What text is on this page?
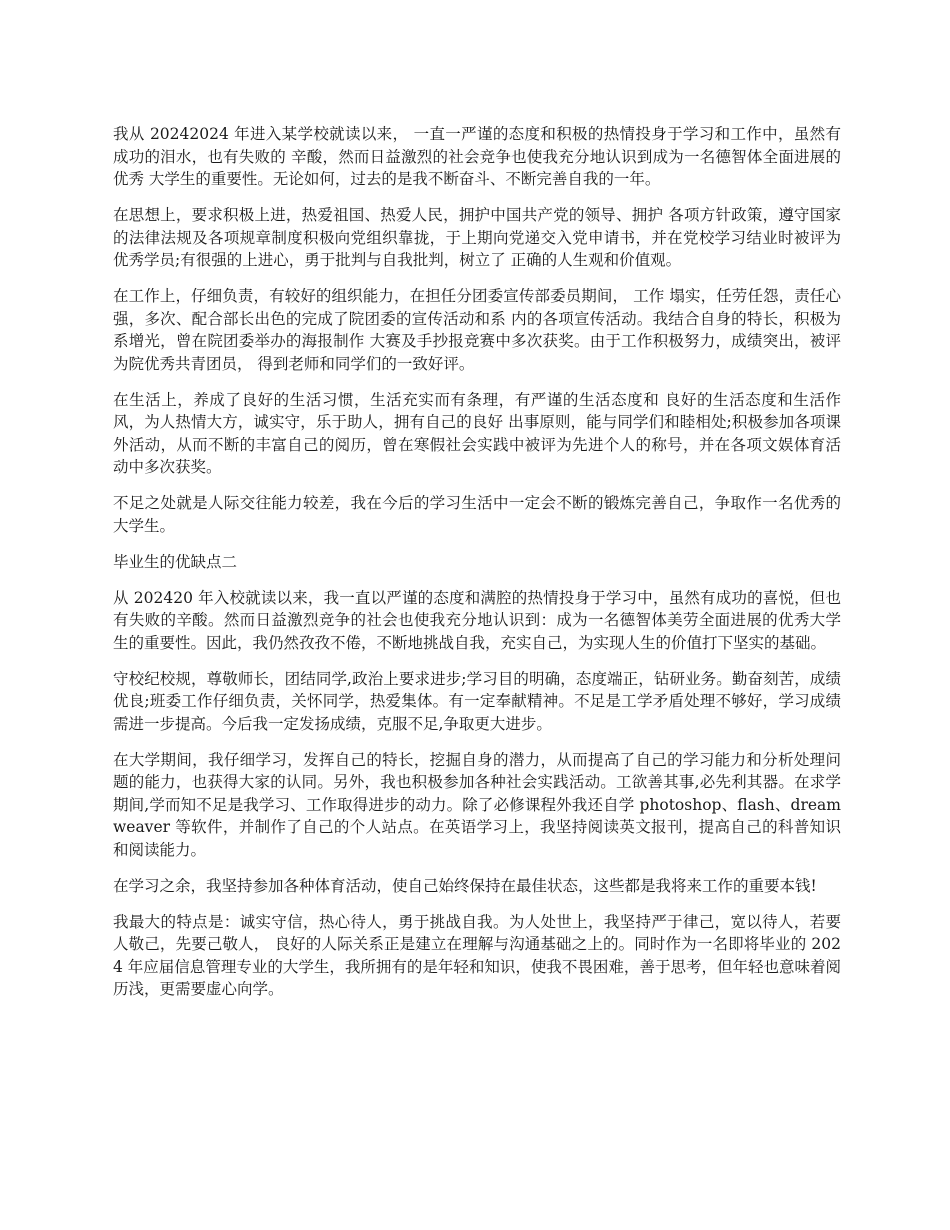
我从 20242024 年进入某学校就读以来， 一直一严谨的态度和积极的热情投身于学习和工作中，虽然有成功的泪水，也有失败的 辛酸，然而日益激烈的社会竞争也使我充分地认识到成为一名德智体全面进展的优秀 大学生的重要性。无论如何，过去的是我不断奋斗、不断完善自我的一年。

在思想上，要求积极上进，热爱祖国、热爱人民，拥护中国共产党的领导、拥护 各项方针政策，遵守国家的法律法规及各项规章制度积极向党组织靠拢，于上期向党递交入党申请书，并在党校学习结业时被评为优秀学员;有很强的上进心，勇于批判与自我批判，树立了 正确的人生观和价值观。

在工作上，仔细负责，有较好的组织能力，在担任分团委宣传部委员期间， 工作 塌实，任劳任怨，责任心强，多次、配合部长出色的完成了院团委的宣传活动和系 内的各项宣传活动。我结合自身的特长，积极为系增光，曾在院团委举办的海报制作 大赛及手抄报竞赛中多次获奖。由于工作积极努力，成绩突出，被评为院优秀共青团员， 得到老师和同学们的一致好评。

在生活上，养成了良好的生活习惯，生活充实而有条理，有严谨的生活态度和 良好的生活态度和生活作风，为人热情大方，诚实守，乐于助人，拥有自己的良好 出事原则，能与同学们和睦相处;积极参加各项课外活动，从而不断的丰富自己的阅历，曾在寒假社会实践中被评为先进个人的称号，并在各项文娱体育活动中多次获奖。

不足之处就是人际交往能力较差，我在今后的学习生活中一定会不断的锻炼完善自己，争取作一名优秀的大学生。

毕业生的优缺点二

从 202420 年入校就读以来，我一直以严谨的态度和满腔的热情投身于学习中，虽然有成功的喜悦，但也有失败的辛酸。然而日益激烈竞争的社会也使我充分地认识到：成为一名德智体美劳全面进展的优秀大学生的重要性。因此，我仍然孜孜不倦，不断地挑战自我，充实自己，为实现人生的价值打下坚实的基础。

守校纪校规，尊敬师长，团结同学,政治上要求进步;学习目的明确，态度端正，钻研业务。勤奋刻苦，成绩优良;班委工作仔细负责，关怀同学，热爱集体。有一定奉献精神。不足是工学矛盾处理不够好，学习成绩需进一步提高。今后我一定发扬成绩，克服不足,争取更大进步。

在大学期间，我仔细学习，发挥自己的特长，挖掘自身的潜力，从而提高了自己的学习能力和分析处理问题的能力，也获得大家的认同。另外，我也积极参加各种社会实践活动。工欲善其事,必先利其器。在求学期间,学而知不足是我学习、工作取得进步的动力。除了必修课程外我还自学 photoshop、flash、dreamweaver 等软件，并制作了自己的个人站点。在英语学习上，我坚持阅读英文报刊，提高自己的科普知识和阅读能力。

在学习之余，我坚持参加各种体育活动，使自己始终保持在最佳状态，这些都是我将来工作的重要本钱!

我最大的特点是：诚实守信，热心待人，勇于挑战自我。为人处世上，我坚持严于律己，宽以待人，若要人敬己，先要己敬人， 良好的人际关系正是建立在理解与沟通基础之上的。同时作为一名即将毕业的 2024 年应届信息管理专业的大学生，我所拥有的是年轻和知识，使我不畏困难，善于思考，但年轻也意味着阅历浅，更需要虚心向学。
